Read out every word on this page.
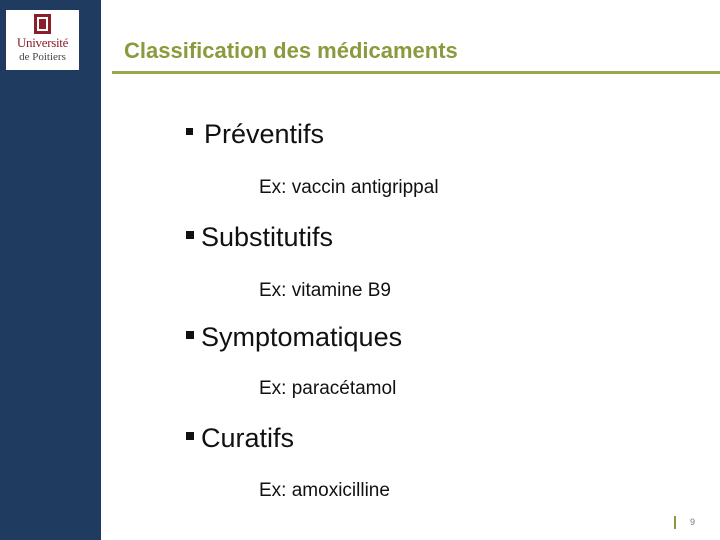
Université
de Poitiers	Classification des médicaments
Préventifs
Ex: vaccin antigrippal
Substitutifs
Ex: vitamine B9
Symptomatiques
Ex: paracétamol
Curatifs
Ex: amoxicilline
9
